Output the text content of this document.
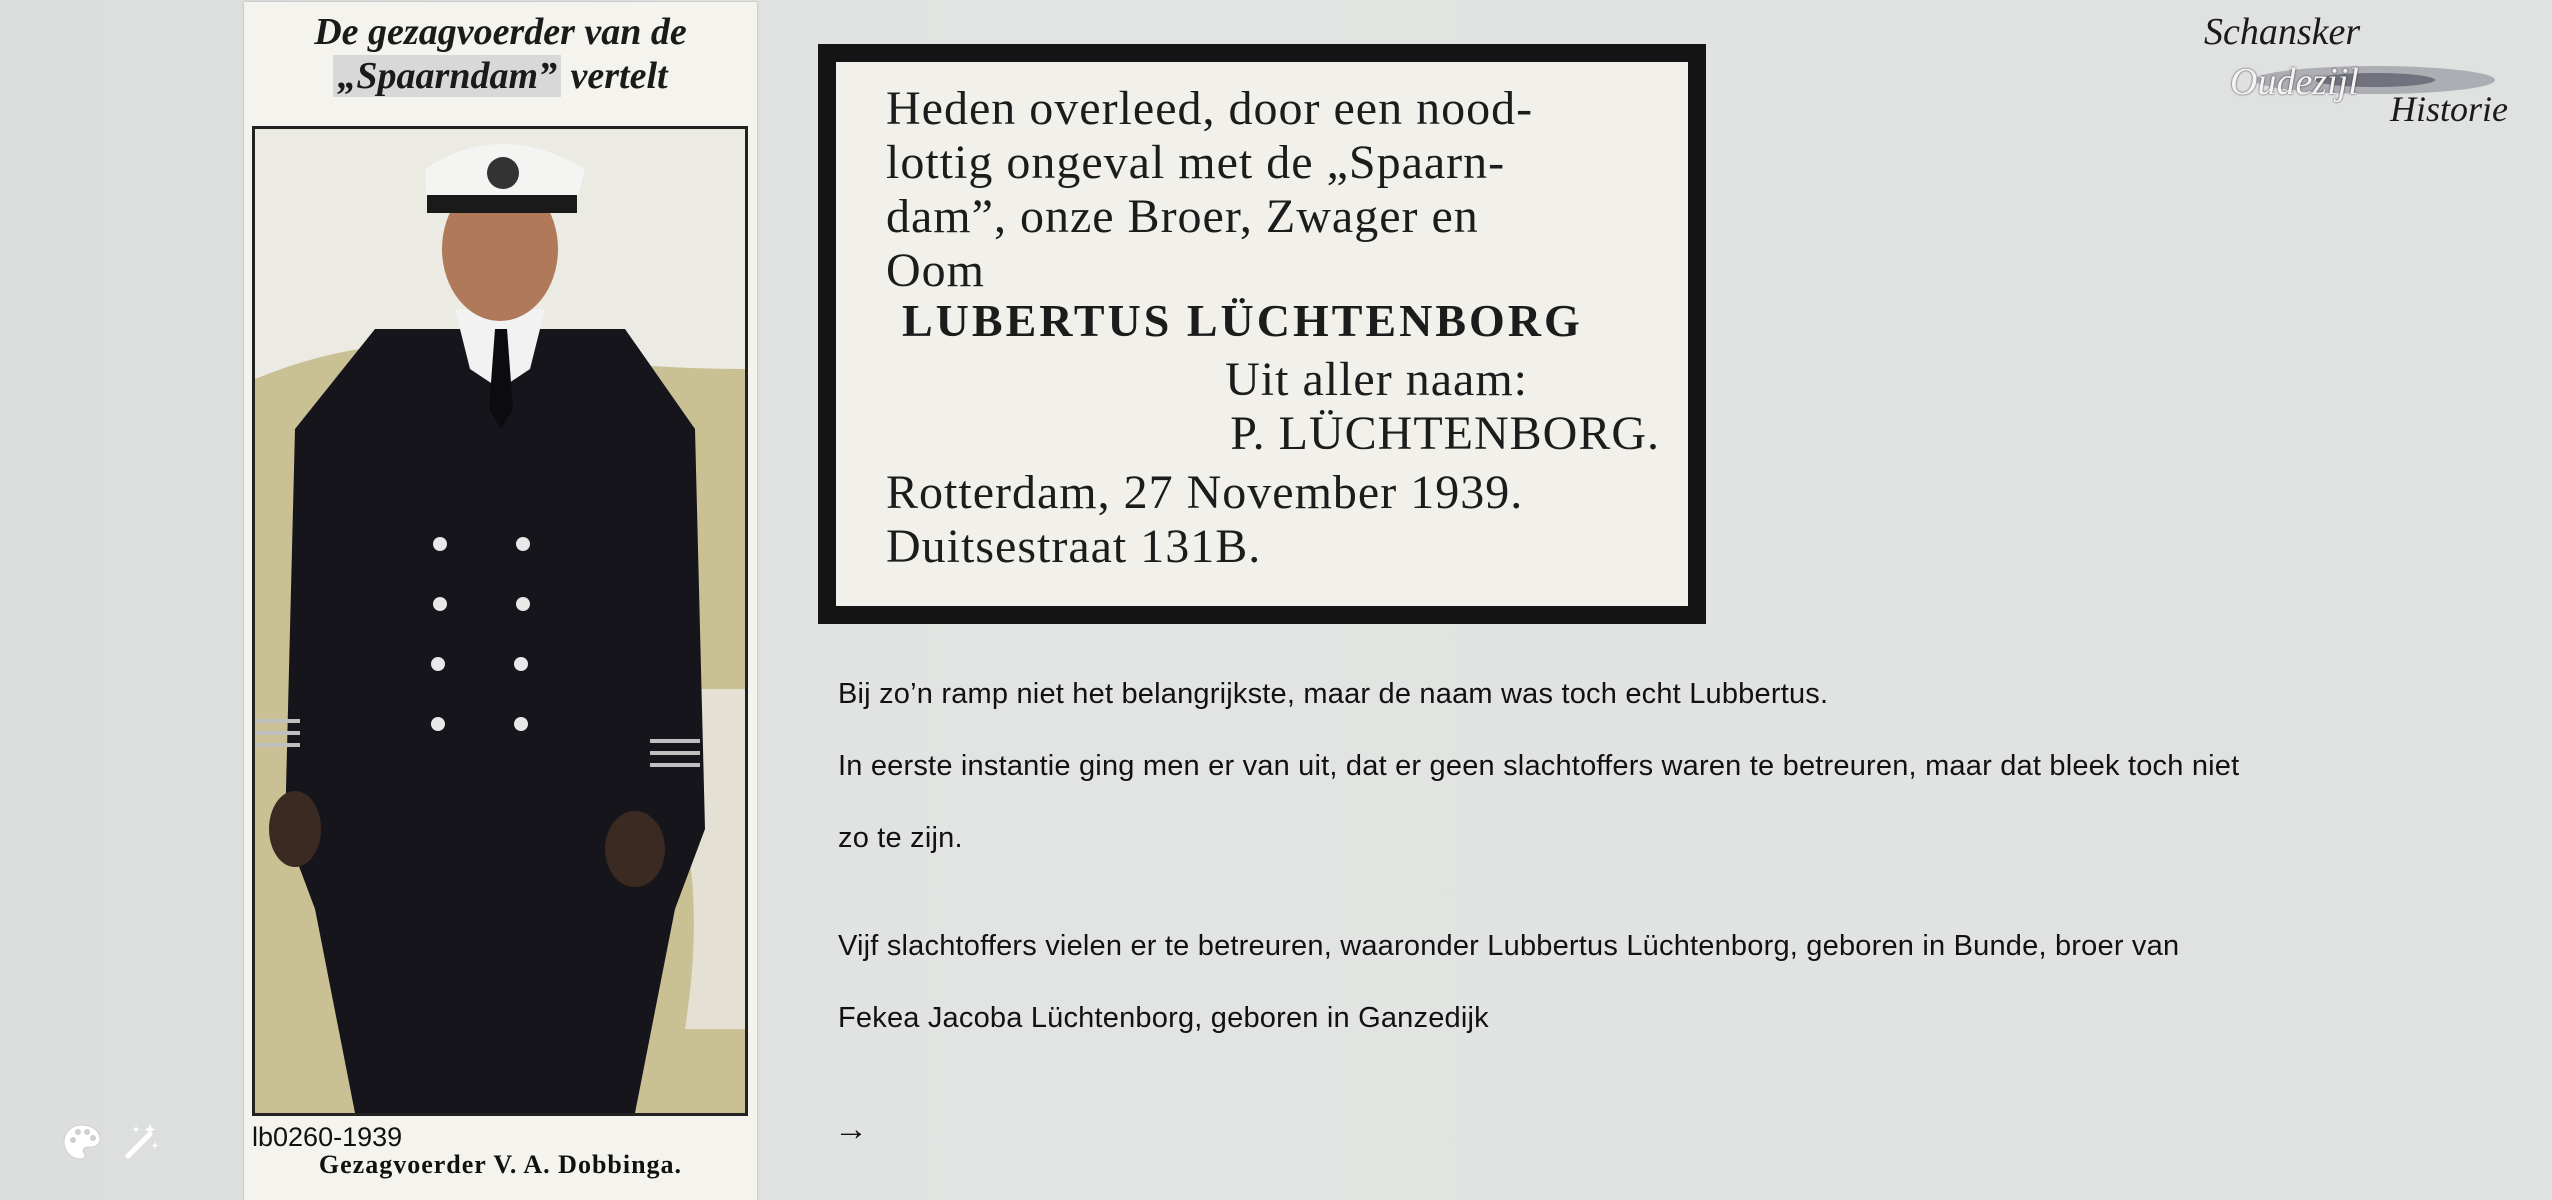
De gezagvoerder van de
„Spaarndam” vertelt
lb0260-1939
Gezagvoerder V. A. Dobbinga.
Heden overleed, door een nood-
lottig ongeval met de „Spaarn-
dam”, onze Broer, Zwager en
Oom
LUBERTUS LÜCHTENBORG
Uit aller naam:
P. LÜCHTENBORG.
Rotterdam, 27 November 1939.
Duitsestraat 131B.
Bij zo’n ramp niet het belangrijkste, maar de naam was toch echt Lubbertus.
In eerste instantie ging men er van uit, dat er geen slachtoffers waren te betreuren, maar dat bleek toch niet
zo te zijn.
Vijf slachtoffers vielen er te betreuren, waaronder Lubbertus Lüchtenborg, geboren in Bunde, broer van
Fekea Jacoba Lüchtenborg, geboren in Ganzedijk
→
Schansker
Oudezijl
Historie
